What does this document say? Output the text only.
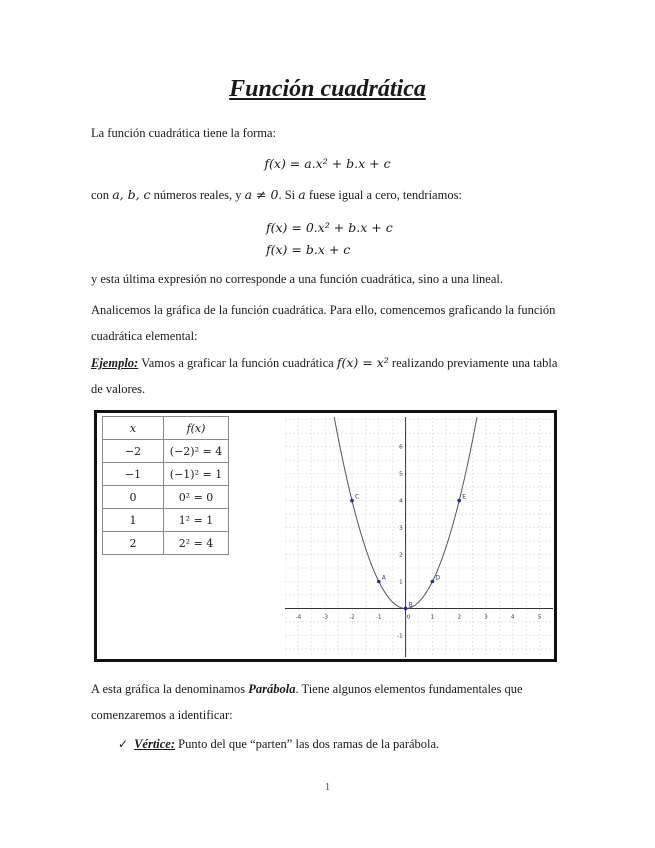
Función cuadrática

La función cuadrática tiene la forma:

f(x) = a.x² + b.x + c

con a, b, c números reales, y a ≠ 0. Si a fuese igual a cero, tendríamos:

f(x) = 0.x² + b.x + c

f(x) = b.x + c

y esta última expresión no corresponde a una función cuadrática, sino a una lineal.

Analicemos la gráfica de la función cuadrática. Para ello, comencemos graficando la función cuadrática elemental:

Ejemplo: Vamos a graficar la función cuadrática f(x) = x² realizando previamente una tabla de valores.

x	f(x)
−2	(−2)² = 4
−1	(−1)² = 1
0	0² = 0
1	1² = 1
2	2² = 4
-4	-3	-2	-1	0	1	2	3	4	5
6
5
4
3
2
1
-1
C
A
B
D
E

A esta gráfica la denominamos Parábola. Tiene algunos elementos fundamentales que comenzaremos a identificar:

✓ Vértice: Punto del que “parten” las dos ramas de la parábola.
1
